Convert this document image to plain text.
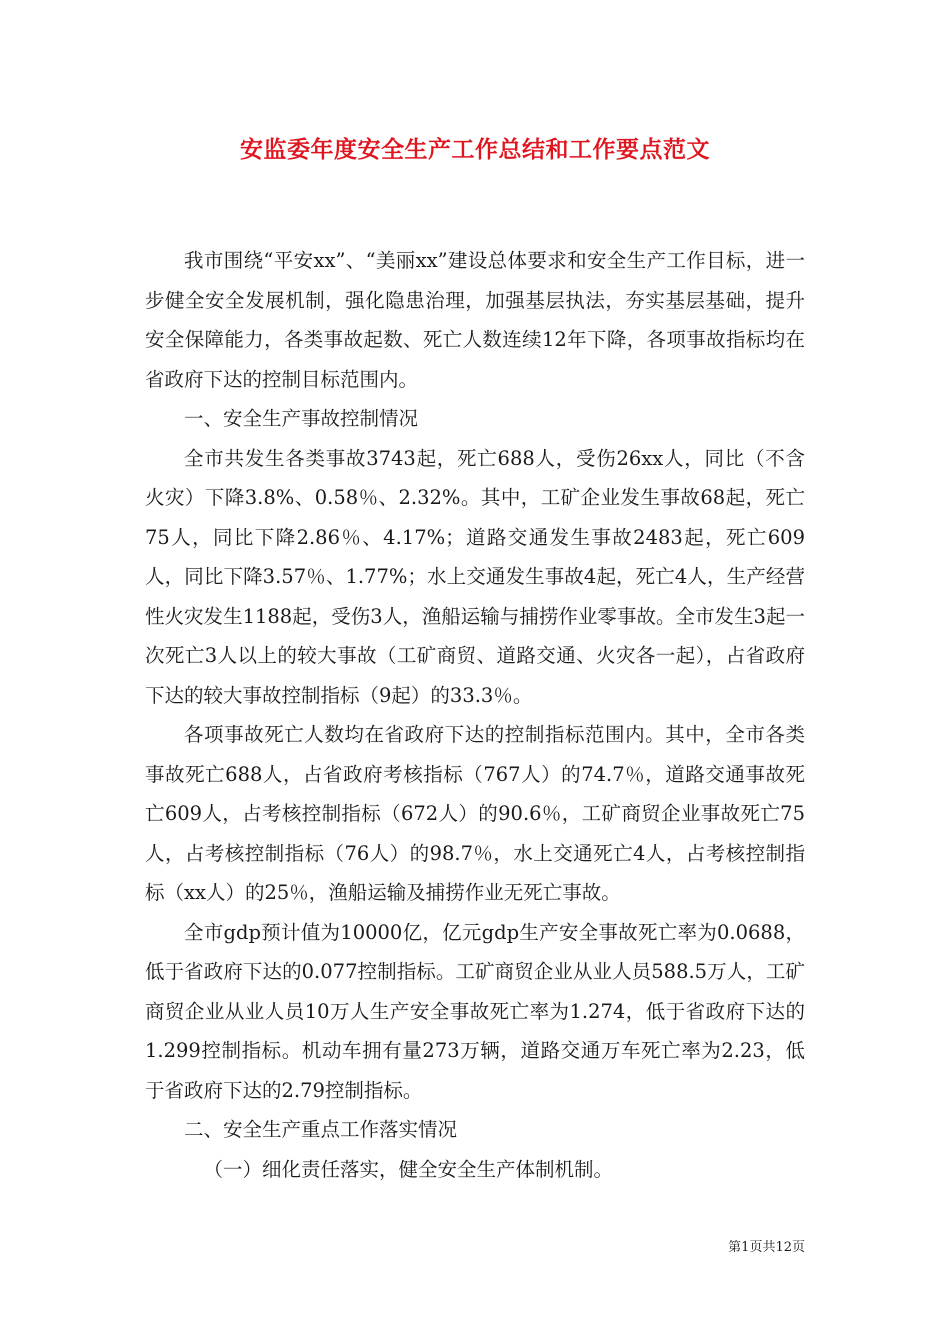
安监委年度安全生产工作总结和工作要点范文

我市围绕“平安xx”、“美丽xx”建设总体要求和安全生产工作目标，进一步健全安全发展机制，强化隐患治理，加强基层执法，夯实基层基础，提升安全保障能力，各类事故起数、死亡人数连续12年下降，各项事故指标均在省政府下达的控制目标范围内。

一、安全生产事故控制情况

全市共发生各类事故3743起，死亡688人，受伤26xx人，同比（不含火灾）下降3.8%、0.58％、2.32%。其中，工矿企业发生事故68起，死亡75人，同比下降2.86％、4.17%；道路交通发生事故2483起，死亡609人，同比下降3.57％、1.77%；水上交通发生事故4起，死亡4人，生产经营性火灾发生1188起，受伤3人，渔船运输与捕捞作业零事故。全市发生3起一次死亡3人以上的较大事故（工矿商贸、道路交通、火灾各一起），占省政府下达的较大事故控制指标（9起）的33.3％。

各项事故死亡人数均在省政府下达的控制指标范围内。其中，全市各类事故死亡688人，占省政府考核指标（767人）的74.7％，道路交通事故死亡609人，占考核控制指标（672人）的90.6％，工矿商贸企业事故死亡75人，占考核控制指标（76人）的98.7％，水上交通死亡4人，占考核控制指标（xx人）的25％，渔船运输及捕捞作业无死亡事故。

全市gdp预计值为10000亿，亿元gdp生产安全事故死亡率为0.0688，低于省政府下达的0.077控制指标。工矿商贸企业从业人员588.5万人，工矿商贸企业从业人员10万人生产安全事故死亡率为1.274，低于省政府下达的1.299控制指标。机动车拥有量273万辆，道路交通万车死亡率为2.23，低于省政府下达的2.79控制指标。

二、安全生产重点工作落实情况

（一）细化责任落实，健全安全生产体制机制。

第1页共12页
